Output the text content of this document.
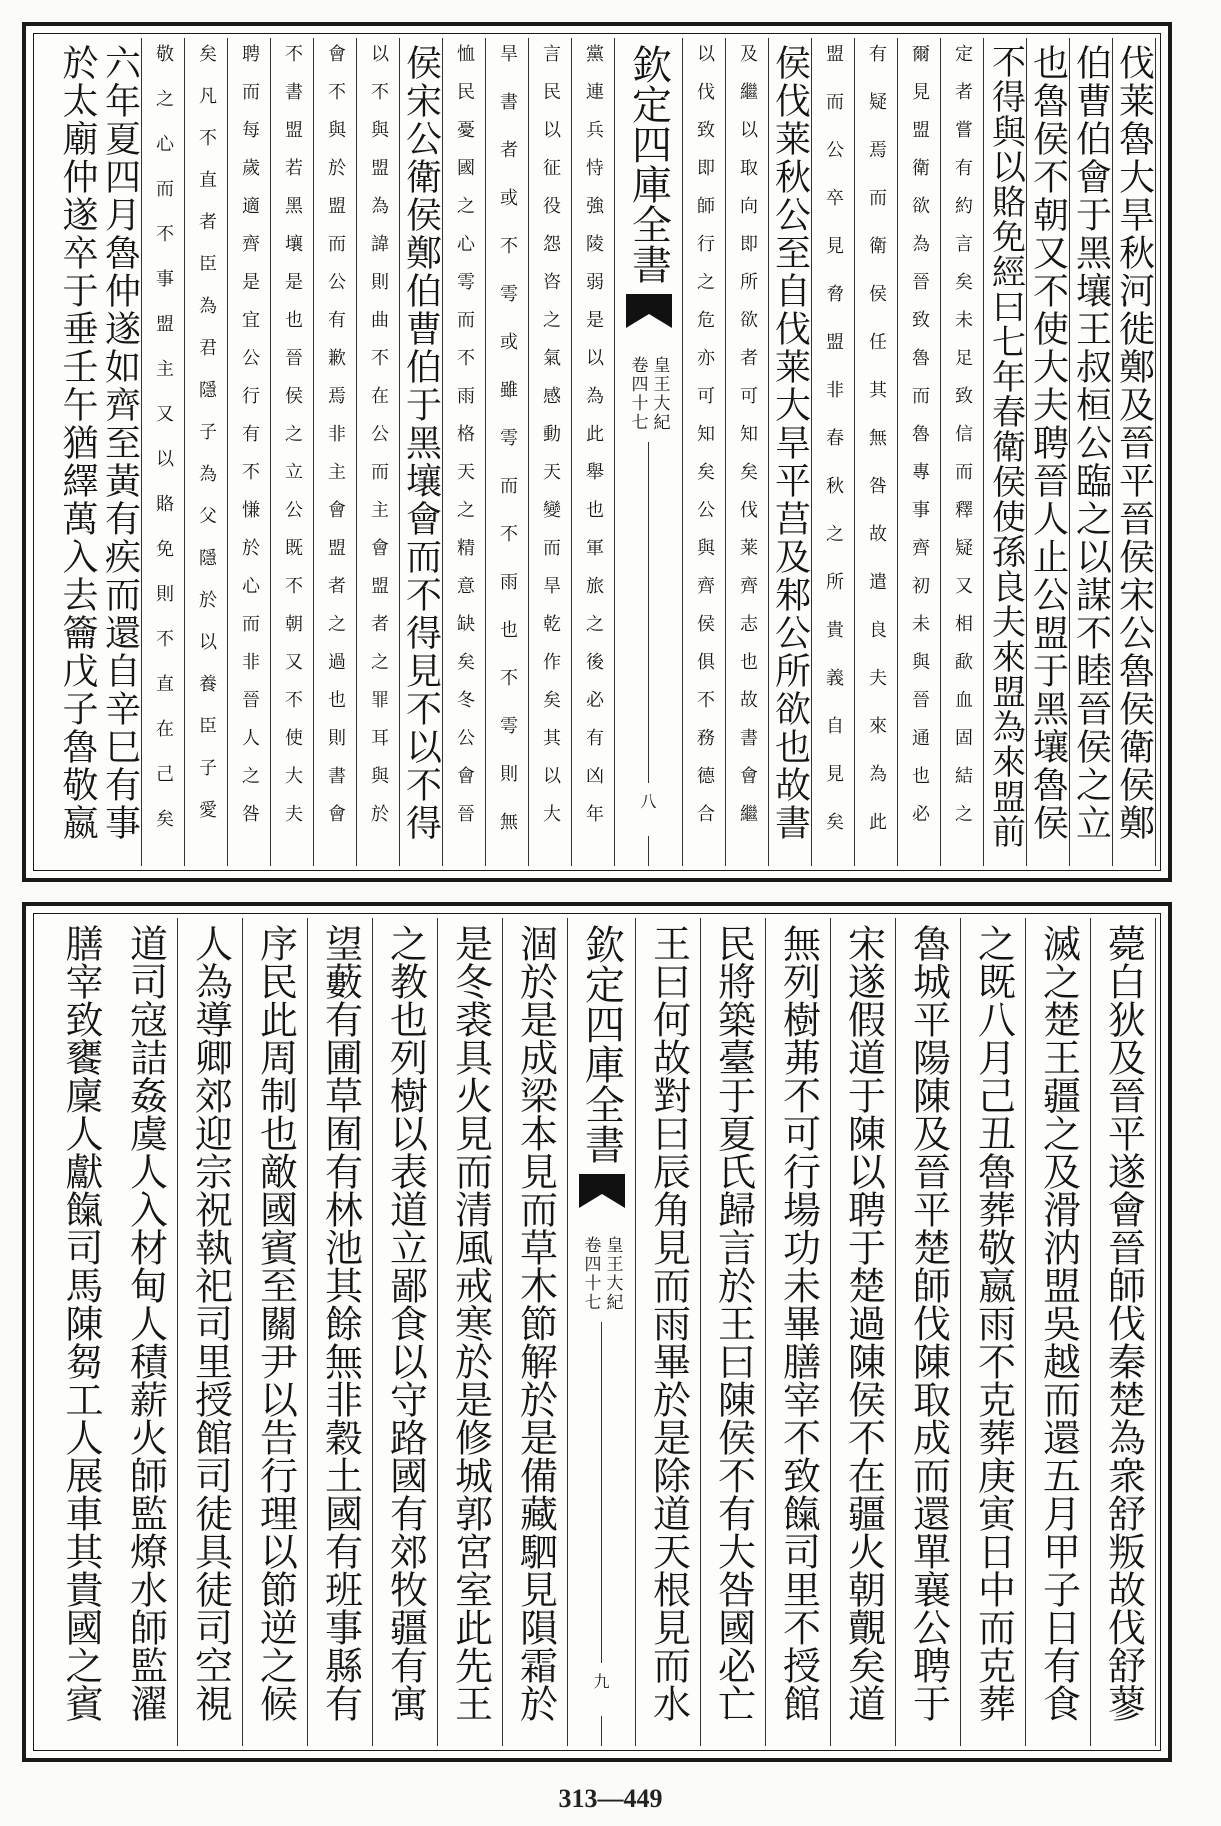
伐莱魯大旱秋河徙鄭及晉平晉侯宋公魯侯衛侯鄭
伯曹伯會于黑壤王叔桓公臨之以謀不睦晉侯之立
也魯侯不朝又不使大夫聘晉人止公盟于黑壤魯侯
不得與以賂免經曰七年春衛侯使孫良夫來盟為來盟前
定者嘗有約言矣未足致信而釋疑又相歃血固結之
爾見盟衛欲為晉致魯而魯專事齊初未與晉通也必
有疑焉而衛侯任其無咎故遣良夫來為此
盟而公卒見脅盟非春秋之所貴義自見矣
侯伐莱秋公至自伐莱大旱平莒及邾公所欲也故書
及繼以取向即所欲者可知矣伐莱齊志也故書會繼
以伐致即師行之危亦可知矣公與齊侯俱不務德合
欽定四庫全書
皇王大紀
卷四十七
八
黨連兵恃強陵弱是以為此舉也軍旅之後必有凶年
言民以征役怨咨之氣感動天變而旱乾作矣其以大
旱書者或不雩或雖雩而不雨也不雩則無
恤民憂國之心雩而不雨格天之精意缺矣冬公會晉
侯宋公衛侯鄭伯曹伯于黑壤會而不得見不以不得
以不與盟為諱則曲不在公而主會盟者之罪耳與於
會不與於盟而公有歉焉非主會盟者之過也則書會
不書盟若黑壤是也晉侯之立公既不朝又不使大夫
聘而每歲適齊是宜公行有不慊於心而非晉人之咎
矣凡不直者臣為君隱子為父隱於以養臣子愛
敬之心而不事盟主又以賂免則不直在己矣
六年夏四月魯仲遂如齊至黃有疾而還自辛巳有事
於太廟仲遂卒于垂壬午猶繹萬入去籥戊子魯敬嬴
薨白狄及晉平遂會晉師伐秦楚為衆舒叛故伐舒蓼
滅之楚王疆之及滑汭盟吳越而還五月甲子日有食
之既八月己丑魯葬敬嬴雨不克葬庚寅日中而克葬
魯城平陽陳及晉平楚師伐陳取成而還單襄公聘于
宋遂假道于陳以聘于楚過陳侯不在疆火朝覿矣道
無列樹茀不可行場功未畢膳宰不致餼司里不授館
民將築臺于夏氏歸言於王曰陳侯不有大咎國必亡
王曰何故對曰辰角見而雨畢於是除道天根見而水
欽定四庫全書
皇王大紀
卷四十七
九
涸於是成梁本見而草木節解於是備藏駟見隕霜於
是冬裘具火見而清風戒寒於是修城郭宮室此先王
之教也列樹以表道立鄙食以守路國有郊牧疆有寓
望藪有圃草囿有林池其餘無非穀土國有班事縣有
序民此周制也敵國賓至關尹以告行理以節逆之候
人為導卿郊迎宗祝執祀司里授館司徒具徒司空視
道司寇詰姦虞人入材甸人積薪火師監燎水師監濯
膳宰致饔廩人獻餼司馬陳芻工人展車其貴國之賓
313—449
